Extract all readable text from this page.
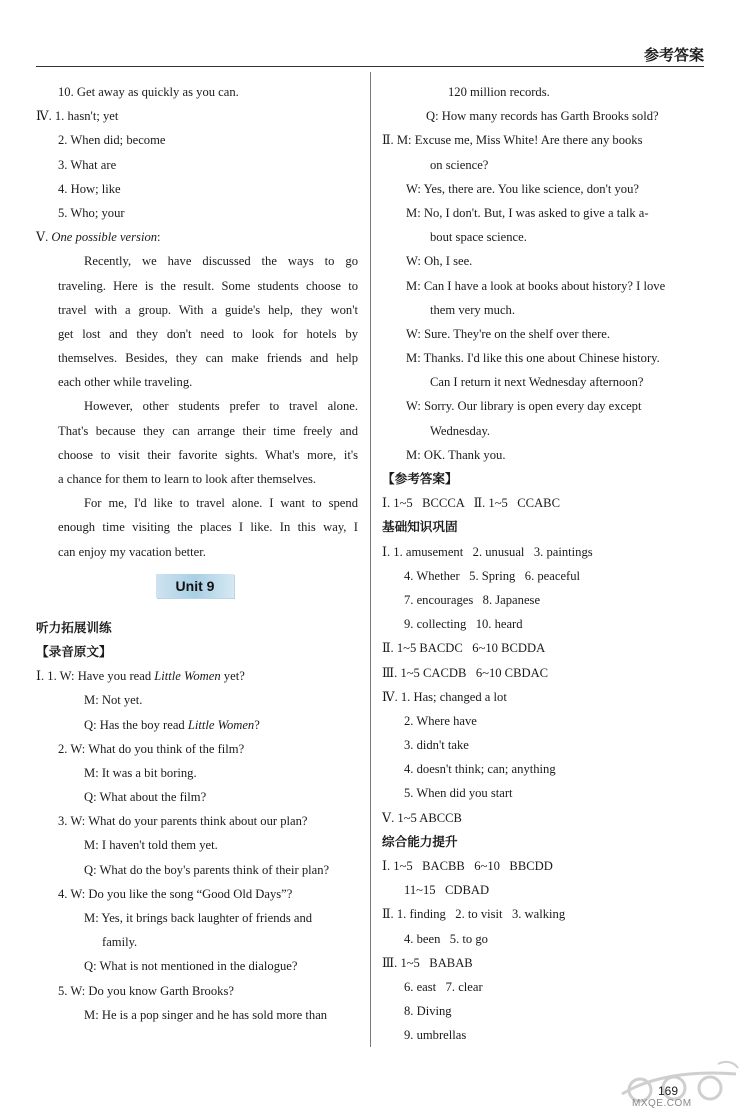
参考答案
10. Get away as quickly as you can.
Ⅳ. 1. hasn't; yet
2. When did; become
3. What are
4. How; like
5. Who; your
Ⅴ. One possible version:
Recently, we have discussed the ways to go
traveling. Here is the result. Some students choose to
travel with a group. With a guide's help, they won't
get lost and they don't need to look for hotels by
themselves. Besides, they can make friends and help
each other while traveling.
However, other students prefer to travel alone.
That's because they can arrange their time freely and
choose to visit their favorite sights. What's more, it's
a chance for them to learn to look after themselves.
For me, I'd like to travel alone. I want to spend
enough time visiting the places I like. In this way, I
can enjoy my vacation better.
Unit 9
听力拓展训练
【录音原文】
Ⅰ. 1. W: Have you read Little Women yet?
M: Not yet.
Q: Has the boy read Little Women?
2. W: What do you think of the film?
M: It was a bit boring.
Q: What about the film?
3. W: What do your parents think about our plan?
M: I haven't told them yet.
Q: What do the boy's parents think of their plan?
4. W: Do you like the song “Good Old Days”?
M: Yes, it brings back laughter of friends and
family.
Q: What is not mentioned in the dialogue?
5. W: Do you know Garth Brooks?
M: He is a pop singer and he has sold more than
120 million records.
Q: How many records has Garth Brooks sold?
Ⅱ. M: Excuse me, Miss White! Are there any books
on science?
W: Yes, there are. You like science, don't you?
M: No, I don't. But, I was asked to give a talk a-
bout space science.
W: Oh, I see.
M: Can I have a look at books about history? I love
them very much.
W: Sure. They're on the shelf over there.
M: Thanks. I'd like this one about Chinese history.
Can I return it next Wednesday afternoon?
W: Sorry. Our library is open every day except
Wednesday.
M: OK. Thank you.
【参考答案】
Ⅰ. 1~5   BCCCA   Ⅱ. 1~5   CCABC
基础知识巩固
Ⅰ. 1. amusement   2. unusual   3. paintings
4. Whether   5. Spring   6. peaceful
7. encourages   8. Japanese
9. collecting   10. heard
Ⅱ. 1~5 BACDC   6~10 BCDDA
Ⅲ. 1~5 CACDB   6~10 CBDAC
Ⅳ. 1. Has; changed a lot
2. Where have
3. didn't take
4. doesn't think; can; anything
5. When did you start
Ⅴ. 1~5 ABCCB
综合能力提升
Ⅰ. 1~5   BACBB   6~10   BBCDD
11~15   CDBAD
Ⅱ. 1. finding   2. to visit   3. walking
4. been   5. to go
Ⅲ. 1~5   BABAB
6. east   7. clear
8. Diving
9. umbrellas
169
MXQE.COM
